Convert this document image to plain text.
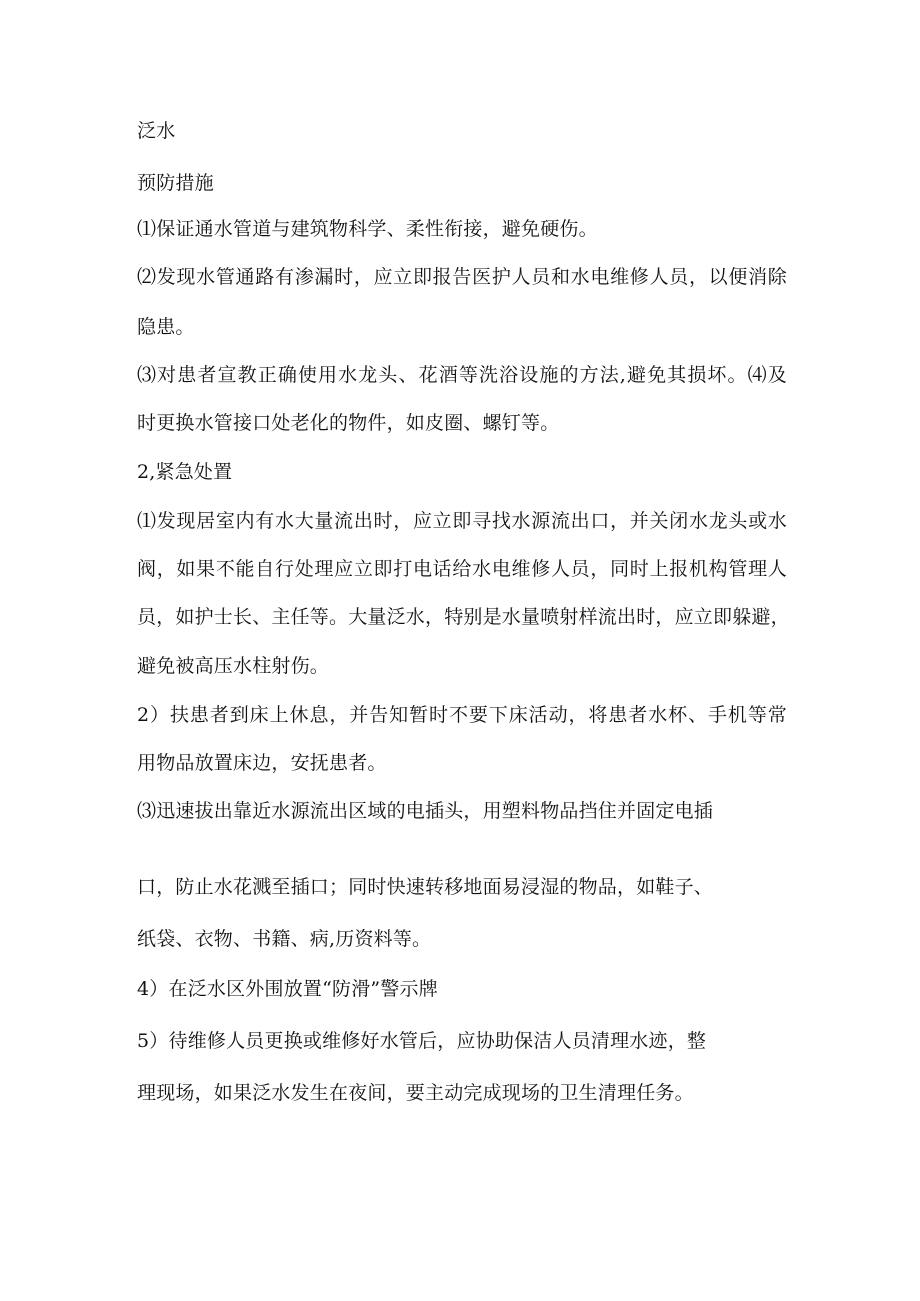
泛水

预防措施

⑴保证通水管道与建筑物科学、柔性衔接，避免硬伤。

⑵发现水管通路有渗漏时，应立即报告医护人员和水电维修人员，以便消除

隐患。

⑶对患者宣教正确使用水龙头、花酒等洗浴设施的方法,避免其损坏。⑷及

时更换水管接口处老化的物件，如皮圈、螺钉等。

2,紧急处置

⑴发现居室内有水大量流出时，应立即寻找水源流出口，并关闭水龙头或水

阀，如果不能自行处理应立即打电话给水电维修人员，同时上报机构管理人

员，如护士长、主任等。大量泛水，特别是水量喷射样流出时，应立即躲避，

避免被高压水柱射伤。

2）扶患者到床上休息，并告知暂时不要下床活动，将患者水杯、手机等常

用物品放置床边，安抚患者。

⑶迅速拔出靠近水源流出区域的电插头，用塑料物品挡住并固定电插

口，防止水花溅至插口；同时快速转移地面易浸湿的物品，如鞋子、

纸袋、衣物、书籍、病,历资料等。

4）在泛水区外围放置“防滑”警示牌

5）待维修人员更换或维修好水管后，应协助保洁人员清理水迹，整

理现场，如果泛水发生在夜间，要主动完成现场的卫生清理任务。
